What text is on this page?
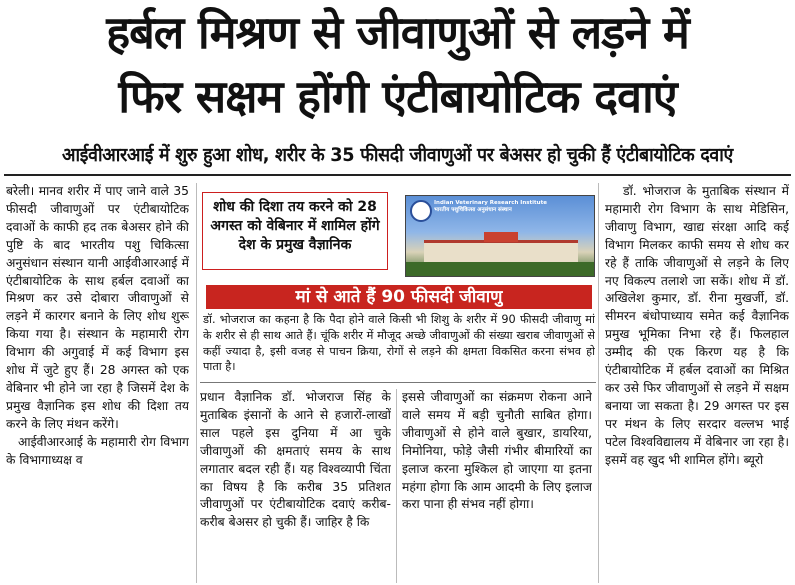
हर्बल मिश्रण से जीवाणुओं से लड़ने में
फिर सक्षम होंगी एंटीबायोटिक दवाएं
आईवीआरआई में शुरु हुआ शोध, शरीर के 35 फीसदी जीवाणुओं पर बेअसर हो चुकी हैं एंटीबायोटिक दवाएं
बरेली। मानव शरीर में पाए जाने वाले 35 फीसदी जीवाणुओं पर एंटीबायोटिक दवाओं के काफी हद तक बेअसर होने की पुष्टि के बाद भारतीय पशु चिकित्सा अनुसंधान संस्थान यानी आईवीआरआई में एंटीबायोटिक के साथ हर्बल दवाओं का मिश्रण कर उसे दोबारा जीवाणुओं से लड़ने में कारगर बनाने के लिए शोध शुरू किया गया है। संस्थान के महामारी रोग विभाग की अगुवाई में कई विभाग इस शोध में जुटे हुए हैं। 28 अगस्त को एक वेबिनार भी होने जा रहा है जिसमें देश के प्रमुख वैज्ञानिक इस शोध की दिशा तय करने के लिए मंथन करेंगे।
आईवीआरआई के महामारी रोग विभाग के विभागाध्यक्ष व
शोध की दिशा तय करने को 28 अगस्त को वेबिनार में शामिल होंगे देश के प्रमुख वैज्ञानिक
Indian Veterinary Research Institute
भारतीय पशुचिकित्सा अनुसंधान संस्थान
मां से आते हैं 90 फीसदी जीवाणु
डॉ. भोजराज का कहना है कि पैदा होने वाले किसी भी शिशु के शरीर में 90 फीसदी जीवाणु मां के शरीर से ही साथ आते हैं। चूंकि शरीर में मौजूद अच्छे जीवाणुओं की संख्या खराब जीवाणुओं से कहीं ज्यादा है, इसी वजह से पाचन क्रिया, रोगों से लड़ने की क्षमता विकसित करना संभव हो पाता है।
प्रधान वैज्ञानिक डॉ. भोजराज सिंह के मुताबिक इंसानों के आने से हजारों-लाखों साल पहले इस दुनिया में आ चुके जीवाणुओं की क्षमताएं समय के साथ लगातार बदल रही हैं। यह विश्वव्यापी चिंता का विषय है कि करीब 35 प्रतिशत जीवाणुओं पर एंटीबायोटिक दवाएं करीब-करीब बेअसर हो चुकी हैं। जाहिर है कि
इससे जीवाणुओं का संक्रमण रोकना आने वाले समय में बड़ी चुनौती साबित होगा। जीवाणुओं से होने वाले बुखार, डायरिया, निमोनिया, फोड़े जैसी गंभीर बीमारियों का इलाज करना मुश्किल हो जाएगा या इतना महंगा होगा कि आम आदमी के लिए इलाज करा पाना ही संभव नहीं होगा।
डॉ. भोजराज के मुताबिक संस्थान में महामारी रोग विभाग के साथ मेडिसिन, जीवाणु विभाग, खाद्य संरक्षा आदि कई विभाग मिलकर काफी समय से शोध कर रहे हैं ताकि जीवाणुओं से लड़ने के लिए नए विकल्प तलाशे जा सकें। शोध में डॉ. अखिलेश कुमार, डॉ. रीना मुखर्जी, डॉ. सीमरन बंधोपाध्याय समेत कई वैज्ञानिक प्रमुख भूमिका निभा रहे हैं। फिलहाल उम्मीद की एक किरण यह है कि एंटीबायोटिक में हर्बल दवाओं का मिश्रित कर उसे फिर जीवाणुओं से लड़ने में सक्षम बनाया जा सकता है। 29 अगस्त पर इस पर मंथन के लिए सरदार वल्लभ भाई पटेल विश्वविद्यालय में वेबिनार जा रहा है। इसमें वह खुद भी शामिल होंगे। ब्यूरो
